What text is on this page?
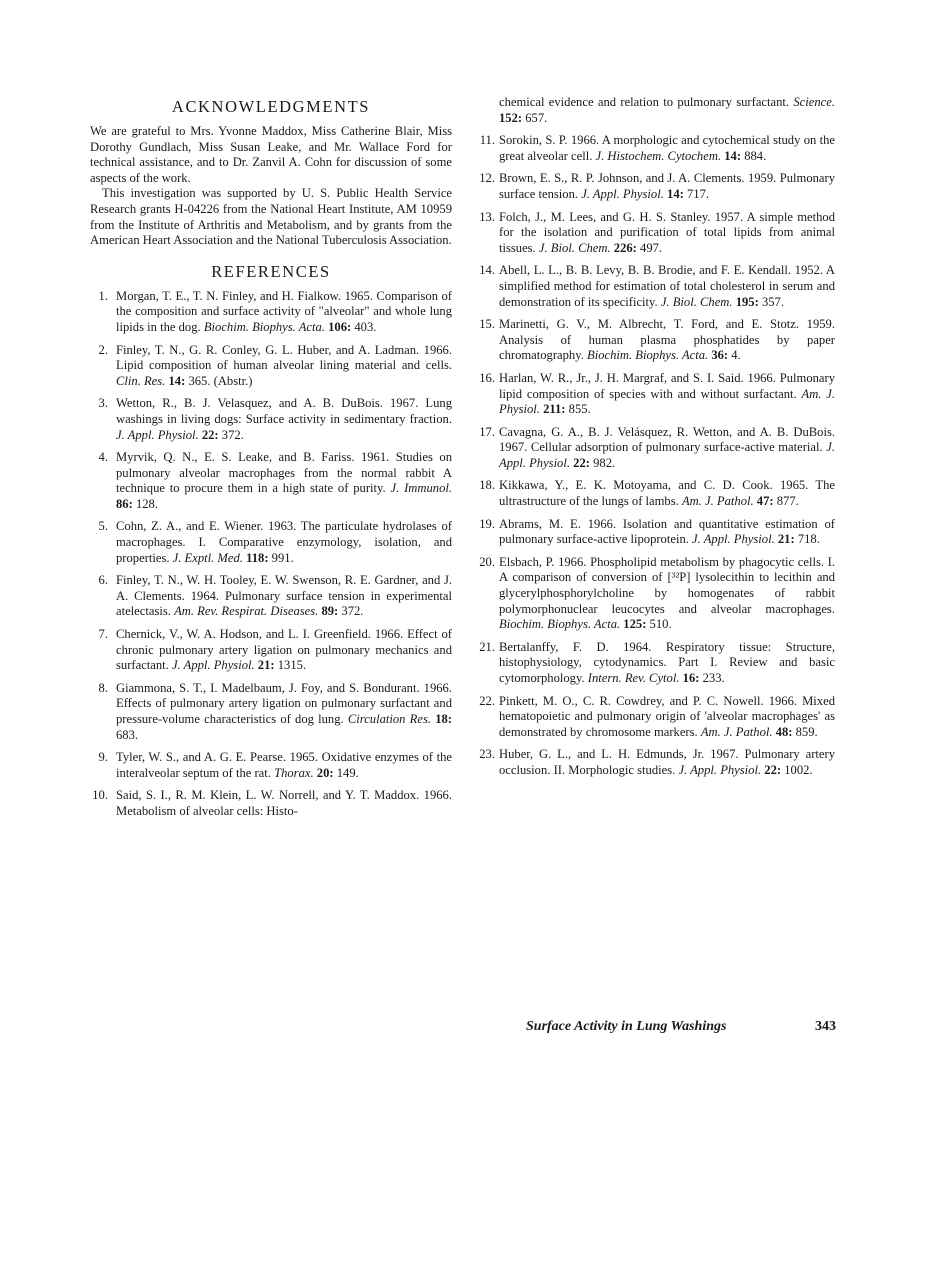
ACKNOWLEDGMENTS

We are grateful to Mrs. Yvonne Maddox, Miss Catherine Blair, Miss Dorothy Gundlach, Miss Susan Leake, and Mr. Wallace Ford for technical assistance, and to Dr. Zanvil A. Cohn for discussion of some aspects of the work.

This investigation was supported by U. S. Public Health Service Research grants H-04226 from the National Heart Institute, AM 10959 from the Institute of Arthritis and Metabolism, and by grants from the American Heart Association and the National Tuberculosis Association.

REFERENCES
1 . Morgan, T. E., T. N. Finley, and H. Fialkow. 1965. Comparison of the composition and surface activity of "alveolar" and whole lung lipids in the dog. Biochim. Biophys. Acta. 106: 403.
2 . Finley, T. N., G. R. Conley, G. L. Huber, and A. Ladman. 1966. Lipid composition of human alveolar lining material and cells. Clin. Res. 14: 365. (Abstr.)
3 . Wetton, R., B. J. Velasquez, and A. B. DuBois. 1967. Lung washings in living dogs: Surface activity in sedimentary fraction. J. Appl. Physiol. 22: 372.
4 . Myrvik, Q. N., E. S. Leake, and B. Fariss. 1961. Studies on pulmonary alveolar macrophages from the normal rabbit A technique to procure them in a high state of purity. J. Immunol. 86: 128.
5 . Cohn, Z. A., and E. Wiener. 1963. The particulate hydrolases of macrophages. I. Comparative enzymology, isolation, and properties. J. Exptl. Med. 118: 991.
6 . Finley, T. N., W. H. Tooley, E. W. Swenson, R. E. Gardner, and J. A. Clements. 1964. Pulmonary surface tension in experimental atelectasis. Am. Rev. Respirat. Diseases. 89: 372.
7 . Chernick, V., W. A. Hodson, and L. I. Greenfield. 1966. Effect of chronic pulmonary artery ligation on pulmonary mechanics and surfactant. J. Appl. Physiol. 21: 1315.
8 . Giammona, S. T., I. Madelbaum, J. Foy, and S. Bondurant. 1966. Effects of pulmonary artery ligation on pulmonary surfactant and pressure-volume characteristics of dog lung. Circulation Res. 18: 683.
9 . Tyler, W. S., and A. G. E. Pearse. 1965. Oxidative enzymes of the interalveolar septum of the rat. Thorax. 20: 149.
10 . Said, S. I., R. M. Klein, L. W. Norrell, and Y. T. Maddox. 1966. Metabolism of alveolar cells: Histo-
chemical evidence and relation to pulmonary surfactant. Science. 152: 657.
11 . Sorokin, S. P. 1966. A morphologic and cytochemical study on the great alveolar cell. J. Histochem. Cytochem. 14: 884.
12 . Brown, E. S., R. P. Johnson, and J. A. Clements. 1959. Pulmonary surface tension. J. Appl. Physiol. 14: 717.
13 . Folch, J., M. Lees, and G. H. S. Stanley. 1957. A simple method for the isolation and purification of total lipids from animal tissues. J. Biol. Chem. 226: 497.
14 . Abell, L. L., B. B. Levy, B. B. Brodie, and F. E. Kendall. 1952. A simplified method for estimation of total cholesterol in serum and demonstration of its specificity. J. Biol. Chem. 195: 357.
15 . Marinetti, G. V., M. Albrecht, T. Ford, and E. Stotz. 1959. Analysis of human plasma phosphatides by paper chromatography. Biochim. Biophys. Acta. 36: 4.
16 . Harlan, W. R., Jr., J. H. Margraf, and S. I. Said. 1966. Pulmonary lipid composition of species with and without surfactant. Am. J. Physiol. 211: 855.
17 . Cavagna, G. A., B. J. Velásquez, R. Wetton, and A. B. DuBois. 1967. Cellular adsorption of pulmonary surface-active material. J. Appl. Physiol. 22: 982.
18 . Kikkawa, Y., E. K. Motoyama, and C. D. Cook. 1965. The ultrastructure of the lungs of lambs. Am. J. Pathol. 47: 877.
19 . Abrams, M. E. 1966. Isolation and quantitative estimation of pulmonary surface-active lipoprotein. J. Appl. Physiol. 21: 718.
20 . Elsbach, P. 1966. Phospholipid metabolism by phagocytic cells. I. A comparison of conversion of [³²P] lysolecithin to lecithin and glycerylphosphorylcholine by homogenates of rabbit polymorphonuclear leucocytes and alveolar macrophages. Biochim. Biophys. Acta. 125: 510.
21 . Bertalanffy, F. D. 1964. Respiratory tissue: Structure, histophysiology, cytodynamics. Part I. Review and basic cytomorphology. Intern. Rev. Cytol. 16: 233.
22 . Pinkett, M. O., C. R. Cowdrey, and P. C. Nowell. 1966. Mixed hematopoietic and pulmonary origin of 'alveolar macrophages' as demonstrated by chromosome markers. Am. J. Pathol. 48: 859.
23 . Huber, G. L., and L. H. Edmunds, Jr. 1967. Pulmonary artery occlusion. II. Morphologic studies. J. Appl. Physiol. 22: 1002.
Surface Activity in Lung Washings	343
